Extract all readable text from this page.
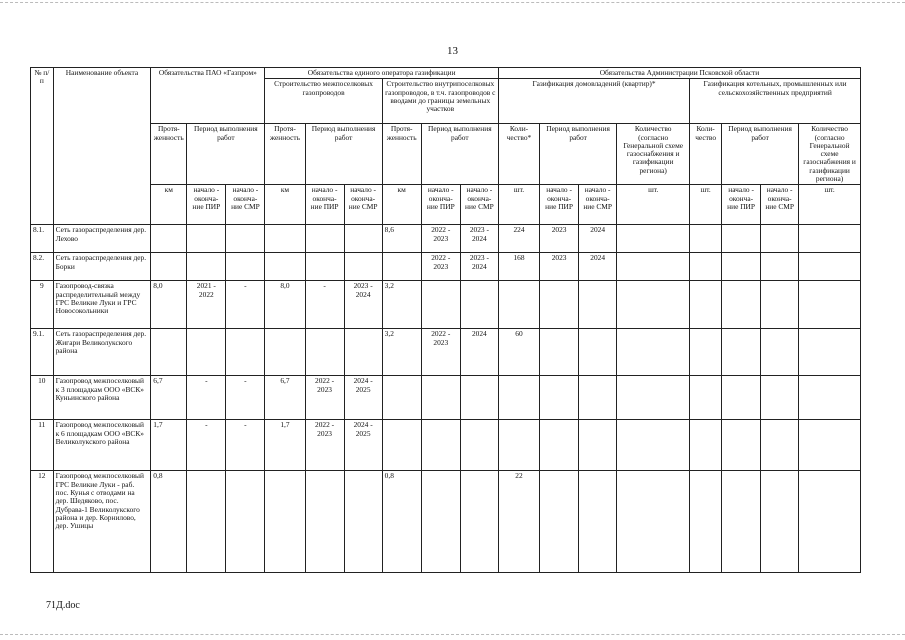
13
№ п/п	Наименование объекта	Обязательства ПАО «Газпром»			Обязательства единого оператора газификации						Обязательства Администрации Псковской области							
					Строительство межпоселковых газопроводов			Строительство внутрипоселковых газопроводов, в т.ч. газопроводов с вводами до границы земельных участков			Газификация домовладений (квартир)*				Газификация котельных, промышленных или сельскохозяйственных предприятий			
		Протя-женность	Период выполнения работ		Протя-женность	Период выполнения работ		Протя-женность	Период выполнения работ		Коли-чество*	Период выполнения работ		Количество (согласно Генеральной схеме газоснабжения и газификации региона)	Коли-чество	Период выполнения работ		Количество (согласно Генеральной схеме газоснабжения и газификации региона)
		км	начало - оконча-ние ПИР	начало - оконча-ние СМР	км	начало - оконча-ние ПИР	начало - оконча-ние СМР	км	начало - оконча-ние ПИР	начало - оконча-ние СМР	шт.	начало - оконча-ние ПИР	начало - оконча-ние СМР	шт.	шт.	начало - оконча-ние ПИР	начало - оконча-ние СМР	шт.
8.1.	Сеть газораспределения дер. Лехово							8,6	2022 - 2023	2023 - 2024	224	2023	2024					
8.2.	Сеть газораспределения дер. Борки								2022 - 2023	2023 - 2024	168	2023	2024					
9	Газопровод-связка распределительный между ГРС Великие Луки и ГРС Новосокольники	8,0	2021 - 2022	-	8,0	-	2023 - 2024	3,2										
9.1.	Сеть газораспределения дер. Жигари Великолукского района							3,2	2022 - 2023	2024	60							
10	Газопровод межпоселковый к 3 площадкам ООО «ВСК» Куньинского района	6,7	-	-	6,7	2022 - 2023	2024 - 2025											
11	Газопровод межпоселковый к 6 площадкам ООО «ВСК» Великолукского района	1,7	-	-	1,7	2022 - 2023	2024 - 2025											
12	Газопровод межпоселковый ГРС Великие Луки - раб. пос. Кунья с отводами на дер. Шедяково, пос. Дубрава-1 Великолукского района и дер. Корнилово, дер. Ушицы	0,8						0,8			22							
71Д.doc
